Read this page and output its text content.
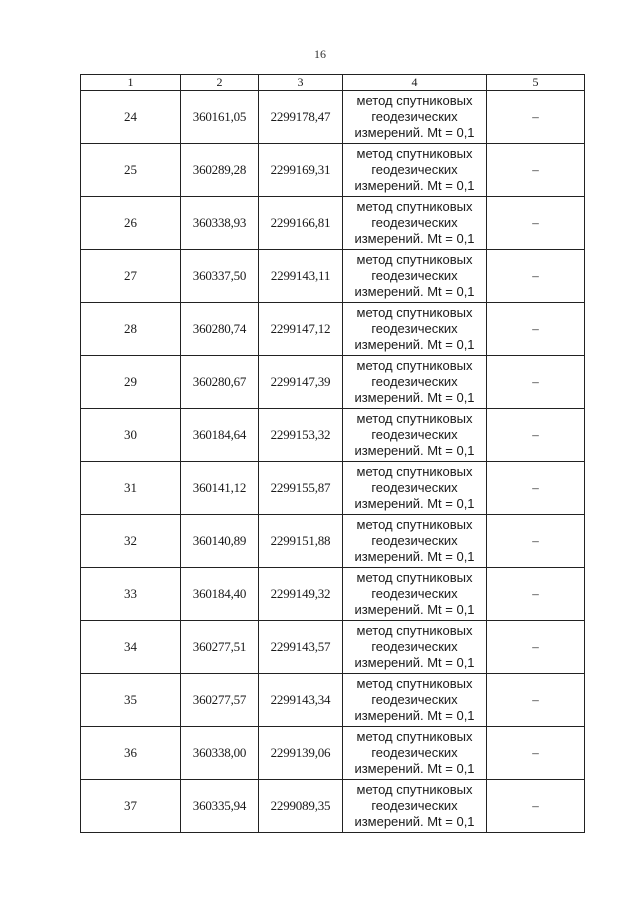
16
1	2	3	4	5
24	360161,05	2299178,47	метод спутниковых
геодезических
измерений. Mt = 0,1	–
25	360289,28	2299169,31	метод спутниковых
геодезических
измерений. Mt = 0,1	–
26	360338,93	2299166,81	метод спутниковых
геодезических
измерений. Mt = 0,1	–
27	360337,50	2299143,11	метод спутниковых
геодезических
измерений. Mt = 0,1	–
28	360280,74	2299147,12	метод спутниковых
геодезических
измерений. Mt = 0,1	–
29	360280,67	2299147,39	метод спутниковых
геодезических
измерений. Mt = 0,1	–
30	360184,64	2299153,32	метод спутниковых
геодезических
измерений. Mt = 0,1	–
31	360141,12	2299155,87	метод спутниковых
геодезических
измерений. Mt = 0,1	–
32	360140,89	2299151,88	метод спутниковых
геодезических
измерений. Mt = 0,1	–
33	360184,40	2299149,32	метод спутниковых
геодезических
измерений. Mt = 0,1	–
34	360277,51	2299143,57	метод спутниковых
геодезических
измерений. Mt = 0,1	–
35	360277,57	2299143,34	метод спутниковых
геодезических
измерений. Mt = 0,1	–
36	360338,00	2299139,06	метод спутниковых
геодезических
измерений. Mt = 0,1	–
37	360335,94	2299089,35	метод спутниковых
геодезических
измерений. Mt = 0,1	–
